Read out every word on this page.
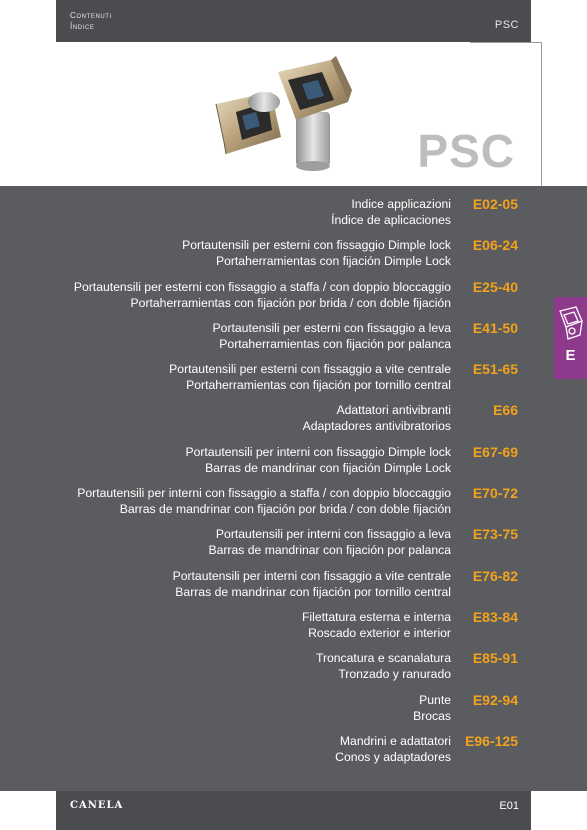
Contenuti
Índice	PSC
PSC
Indice applicazioni
Índice de aplicaciones
E02-05
Portautensili per esterni con fissaggio Dimple lock
Portaherramientas con fijación Dimple Lock
E06-24
Portautensili per esterni con fissaggio a staffa / con doppio bloccaggio
Portaherramientas con fijación por brida / con doble fijación
E25-40
Portautensili per esterni con fissaggio a leva
Portaherramientas con fijación por palanca
E41-50
Portautensili per esterni con fissaggio a vite centrale
Portaherramientas con fijación por tornillo central
E51-65
Adattatori antivibranti
Adaptadores antivibratorios
E66
Portautensili per interni con fissaggio Dimple lock
Barras de mandrinar con fijación Dimple Lock
E67-69
Portautensili per interni con fissaggio a staffa / con doppio bloccaggio
Barras de mandrinar con fijación por brida / con doble fijación
E70-72
Portautensili per interni con fissaggio a leva
Barras de mandrinar con fijación por palanca
E73-75
Portautensili per interni con fissaggio a vite centrale
Barras de mandrinar con fijación por tornillo central
E76-82
Filettatura esterna e interna
Roscado exterior e interior
E83-84
Troncatura e scanalatura
Tronzado y ranurado
E85-91
Punte
Brocas
E92-94
Mandrini e adattatori
Conos y adaptadores
E96-125
E
CANELA	E01
